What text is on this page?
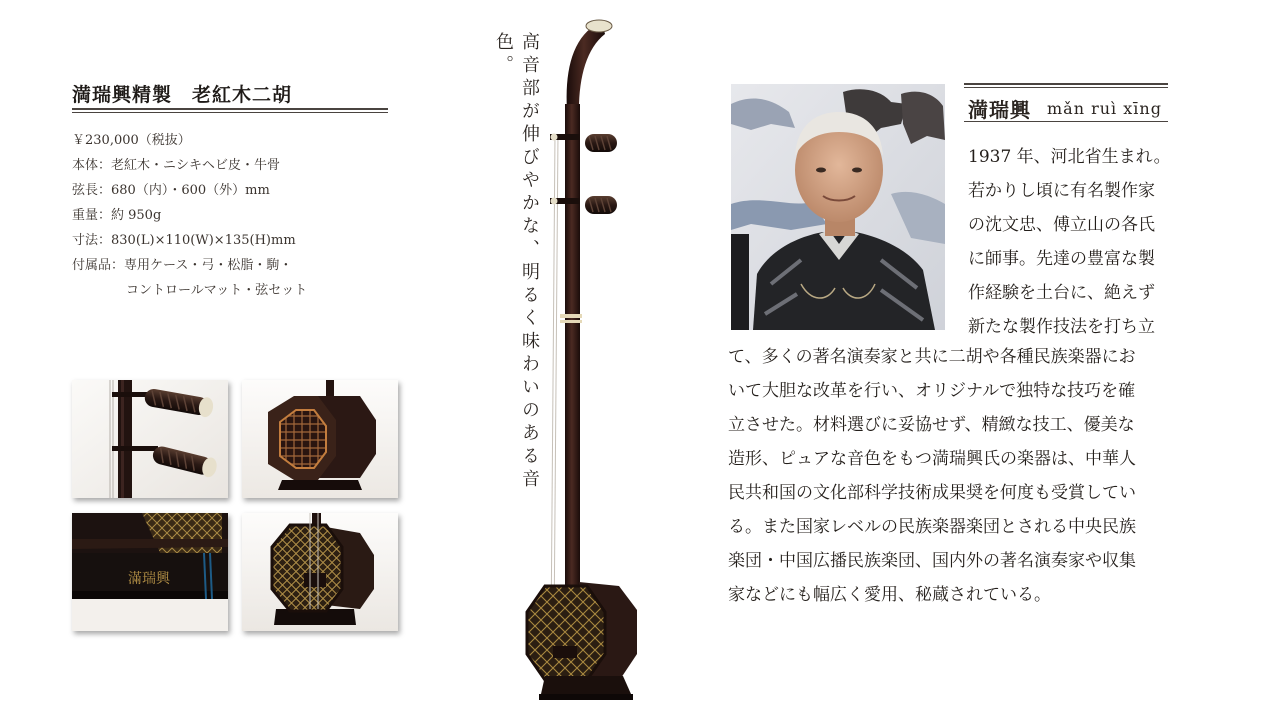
満瑞興精製　老紅木二胡
￥230,000（税抜）
本体：老紅木・ニシキヘビ皮・牛骨
弦長：680（内）・600（外）mm
重量：約 950g
寸法：830(L)×110(W)×135(H)mm
付属品：専用ケース・弓・松脂・駒・
コントロールマット・弦セット
滿瑞興
高音部が伸びやかな、明るく味わいのある音色。
満瑞興 mǎn ruì xīng
1937 年、河北省生まれ。
若かりし頃に有名製作家
の沈文忠、傅立山の各氏
に師事。先達の豊富な製
作経験を土台に、絶えず
新たな製作技法を打ち立
て、多くの著名演奏家と共に二胡や各種民族楽器にお
いて大胆な改革を行い、オリジナルで独特な技巧を確
立させた。材料選びに妥協せず、精緻な技工、優美な
造形、ピュアな音色をもつ満瑞興氏の楽器は、中華人
民共和国の文化部科学技術成果奨を何度も受賞してい
る。また国家レベルの民族楽器楽団とされる中央民族
楽団・中国広播民族楽団、国内外の著名演奏家や収集
家などにも幅広く愛用、秘蔵されている。
